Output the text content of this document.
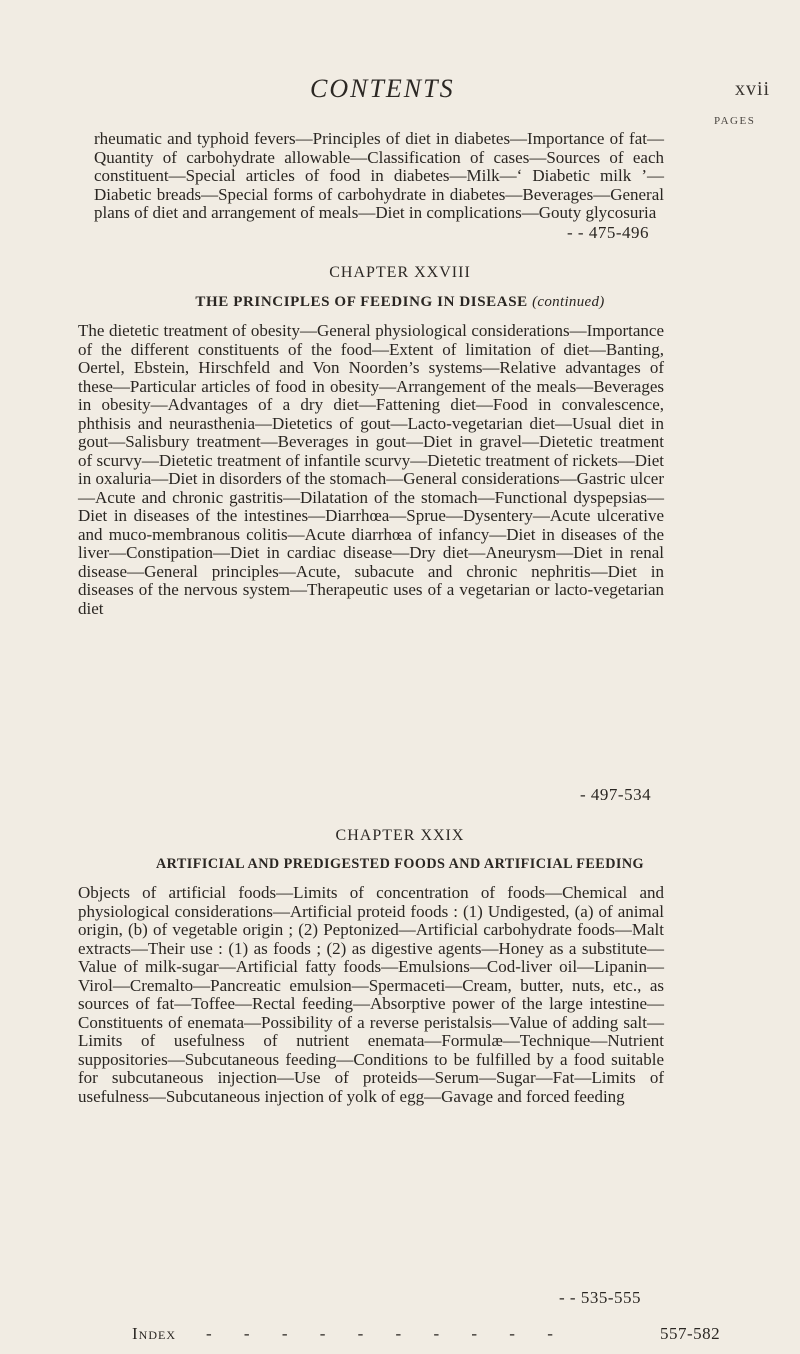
CONTENTS	xvii
PAGES
rheumatic and typhoid fevers—Principles of diet in diabetes—Importance of fat—Quantity of carbohydrate allowable—Classification of cases—Sources of each constituent—Special articles of food in diabetes—Milk—‘ Diabetic milk ’—Diabetic breads—Special forms of carbohydrate in diabetes—Beverages—General plans of diet and arrangement of meals—Diet in complications—Gouty glycosuria
- - 475-496
CHAPTER XXVIII
THE PRINCIPLES OF FEEDING IN DISEASE (continued)
The dietetic treatment of obesity—General physiological considerations—Importance of the different constituents of the food—Extent of limitation of diet—Banting, Oertel, Ebstein, Hirschfeld and Von Noorden’s systems—Relative advantages of these—Particular articles of food in obesity—Arrangement of the meals—Beverages in obesity—Advantages of a dry diet—Fattening diet—Food in convalescence, phthisis and neurasthenia—Dietetics of gout—Lacto-vegetarian diet—Usual diet in gout—Salisbury treatment—Beverages in gout—Diet in gravel—Dietetic treatment of scurvy—Dietetic treatment of infantile scurvy—Dietetic treatment of rickets—Diet in oxaluria—Diet in disorders of the stomach—General considerations—Gastric ulcer—Acute and chronic gastritis—Dilatation of the stomach—Functional dyspepsias—Diet in diseases of the intestines—Diarrhœa—Sprue—Dysentery—Acute ulcerative and muco-membranous colitis—Acute diarrhœa of infancy—Diet in diseases of the liver—Constipation—Diet in cardiac disease—Dry diet—Aneurysm—Diet in renal disease—General principles—Acute, subacute and chronic nephritis—Diet in diseases of the nervous system—Therapeutic uses of a vegetarian or lacto-vegetarian diet
- 497-534
CHAPTER XXIX
ARTIFICIAL AND PREDIGESTED FOODS AND ARTIFICIAL FEEDING
Objects of artificial foods—Limits of concentration of foods—Chemical and physiological considerations—Artificial proteid foods : (1) Undigested, (a) of animal origin, (b) of vegetable origin ; (2) Peptonized—Artificial carbohydrate foods—Malt extracts—Their use : (1) as foods ; (2) as digestive agents—Honey as a substitute—Value of milk-sugar—Artificial fatty foods—Emulsions—Cod-liver oil—Lipanin—Virol—Cremalto—Pancreatic emulsion—Spermaceti—Cream, butter, nuts, etc., as sources of fat—Toffee—Rectal feeding—Absorptive power of the large intestine—Constituents of enemata—Possibility of a reverse peristalsis—Value of adding salt—Limits of usefulness of nutrient enemata—Formulæ—Technique—Nutrient suppositories—Subcutaneous feeding—Conditions to be fulfilled by a food suitable for subcutaneous injection—Use of proteids—Serum—Sugar—Fat—Limits of usefulness—Subcutaneous injection of yolk of egg—Gavage and forced feeding
- - 535-555
Index - - - - - - - - - -	557-582
